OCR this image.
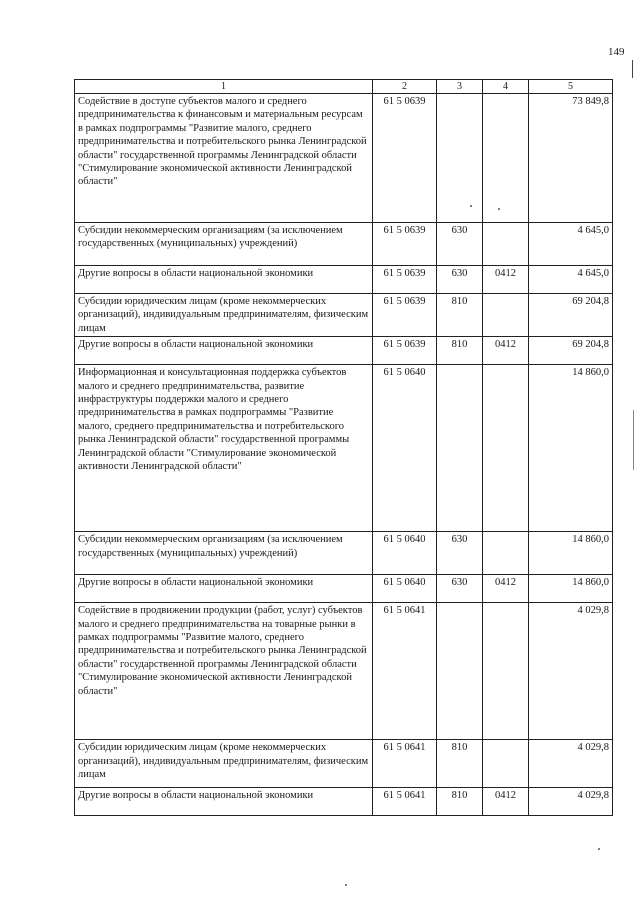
149
1	2	3	4	5
Содействие в доступе субъектов малого и среднего предпринимательства к финансовым и материальным ресурсам в рамках подпрограммы "Развитие малого, среднего предпринимательства и потребительского рынка Ленинградской области" государственной программы Ленинградской области "Стимулирование экономической активности Ленинградской области"	61 5 0639			73 849,8
Субсидии некоммерческим организациям (за исключением государственных (муниципальных) учреждений)	61 5 0639	630		4 645,0
Другие вопросы в области национальной экономики	61 5 0639	630	0412	4 645,0
Субсидии юридическим лицам (кроме некоммерческих организаций), индивидуальным предпринимателям, физическим лицам	61 5 0639	810		69 204,8
Другие вопросы в области национальной экономики	61 5 0639	810	0412	69 204,8
Информационная и консультационная поддержка субъектов малого и среднего предпринимательства, развитие инфраструктуры поддержки малого и среднего предпринимательства в рамках подпрограммы "Развитие малого, среднего предпринимательства и потребительского рынка Ленинградской области" государственной программы Ленинградской области "Стимулирование экономической активности Ленинградской области"	61 5 0640			14 860,0
Субсидии некоммерческим организациям (за исключением государственных (муниципальных) учреждений)	61 5 0640	630		14 860,0
Другие вопросы в области национальной экономики	61 5 0640	630	0412	14 860,0
Содействие в продвижении продукции (работ, услуг) субъектов малого и среднего предпринимательства на товарные рынки в рамках подпрограммы "Развитие малого, среднего предпринимательства и потребительского рынка Ленинградской области" государственной программы Ленинградской области "Стимулирование экономической активности Ленинградской области"	61 5 0641			4 029,8
Субсидии юридическим лицам (кроме некоммерческих организаций), индивидуальным предпринимателям, физическим лицам	61 5 0641	810		4 029,8
Другие вопросы в области национальной экономики	61 5 0641	810	0412	4 029,8
